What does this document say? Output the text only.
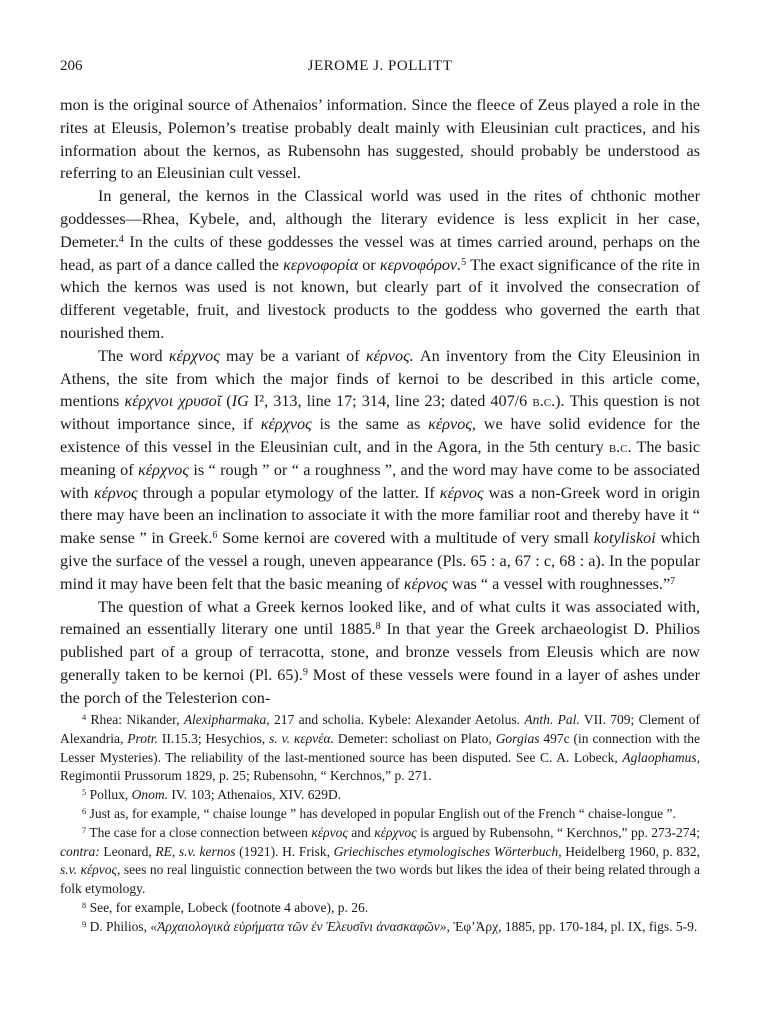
206	JEROME J. POLLITT

mon is the original source of Athenaios’ information. Since the fleece of Zeus played a role in the rites at Eleusis, Polemon’s treatise probably dealt mainly with Eleusinian cult practices, and his information about the kernos, as Rubensohn has suggested, should probably be understood as referring to an Eleusinian cult vessel.

In general, the kernos in the Classical world was used in the rites of chthonic mother goddesses—Rhea, Kybele, and, although the literary evidence is less explicit in her case, Demeter.$^4$ In the cults of these goddesses the vessel was at times carried around, perhaps on the head, as part of a dance called the κερνοφορία or κερνοφόρον.$^5$ The exact significance of the rite in which the kernos was used is not known, but clearly part of it involved the consecration of different vegetable, fruit, and livestock products to the goddess who governed the earth that nourished them.

The word κέρχνος may be a variant of κέρνος. An inventory from the City Eleusinion in Athens, the site from which the major finds of kernoi to be described in this article come, mentions κέρχνοι χρυσοῖ (IG I², 313, line 17; 314, line 23; dated 407/6 b.c.). This question is not without importance since, if κέρχνος is the same as κέρνος, we have solid evidence for the existence of this vessel in the Eleusinian cult, and in the Agora, in the 5th century b.c. The basic meaning of κέρχνος is “ rough ” or “ a roughness ”, and the word may have come to be associated with κέρνος through a popular etymology of the latter. If κέρνος was a non-Greek word in origin there may have been an inclination to associate it with the more familiar root and thereby have it “ make sense ” in Greek.$^6$ Some kernoi are covered with a multitude of very small kotyliskoi which give the surface of the vessel a rough, uneven appearance (Pls. 65 : a, 67 : c, 68 : a). In the popular mind it may have been felt that the basic meaning of κέρνος was “ a vessel with roughnesses.”$^7$

The question of what a Greek kernos looked like, and of what cults it was associated with, remained an essentially literary one until 1885.$^8$ In that year the Greek archaeologist D. Philios published part of a group of terracotta, stone, and bronze vessels from Eleusis which are now generally taken to be kernoi (Pl. 65).$^9$ Most of these vessels were found in a layer of ashes under the porch of the Telesterion con-

$^4$ Rhea: Nikander, Alexipharmaka, 217 and scholia. Kybele: Alexander Aetolus. Anth. Pal. VII. 709; Clement of Alexandria, Protr. II.15.3; Hesychios, s. v. κερνέα. Demeter: scholiast on Plato, Gorgias 497c (in connection with the Lesser Mysteries). The reliability of the last-mentioned source has been disputed. See C. A. Lobeck, Aglaophamus, Regimontii Prussorum 1829, p. 25; Rubensohn, “ Kerchnos,” p. 271.

$^5$ Pollux, Onom. IV. 103; Athenaios, XIV. 629D.

$^6$ Just as, for example, “ chaise lounge ” has developed in popular English out of the French “ chaise-longue ”.

$^7$ The case for a close connection between κέρνος and κέρχνος is argued by Rubensohn, “ Kerchnos,” pp. 273-274; contra: Leonard, RE, s.v. kernos (1921). H. Frisk, Griechisches etymologisches Wörterbuch, Heidelberg 1960, p. 832, s.v. κέρνος, sees no real linguistic connection between the two words but likes the idea of their being related through a folk etymology.

$^8$ See, for example, Lobeck (footnote 4 above), p. 26.

$^9$ D. Philios, «Ἀρχαιολογικὰ εὑρήματα τῶν ἐν Ἐλευσῖνι ἀνασκαφῶν», Ἐφ’Ἀρχ, 1885, pp. 170-184, pl. IX, figs. 5-9.
